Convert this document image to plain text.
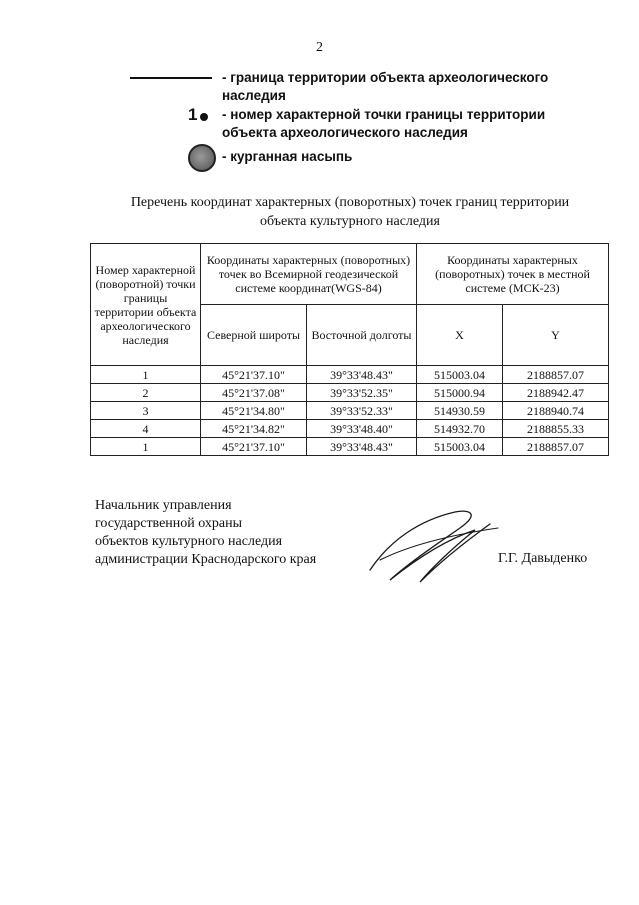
2
- граница территории объекта археологического наследия
1 - номер характерной точки границы территории объекта археологического наследия
- курганная насыпь
Перечень координат характерных (поворотных) точек границ территории
объекта культурного наследия
Номер характерной (поворотной) точки границы территории объекта археологического наследия	Координаты характерных (поворотных) точек во Всемирной геодезической системе координат(WGS-84)		Координаты характерных (поворотных) точек в местной системе (МСК-23)	
	Северной широты	Восточной долготы	X	Y
1	45°21'37.10"	39°33'48.43"	515003.04	2188857.07
2	45°21'37.08"	39°33'52.35"	515000.94	2188942.47
3	45°21'34.80"	39°33'52.33"	514930.59	2188940.74
4	45°21'34.82"	39°33'48.40"	514932.70	2188855.33
1	45°21'37.10"	39°33'48.43"	515003.04	2188857.07
Начальник управления
государственной охраны
объектов культурного наследия
администрации Краснодарского края	Г.Г. Давыденко
